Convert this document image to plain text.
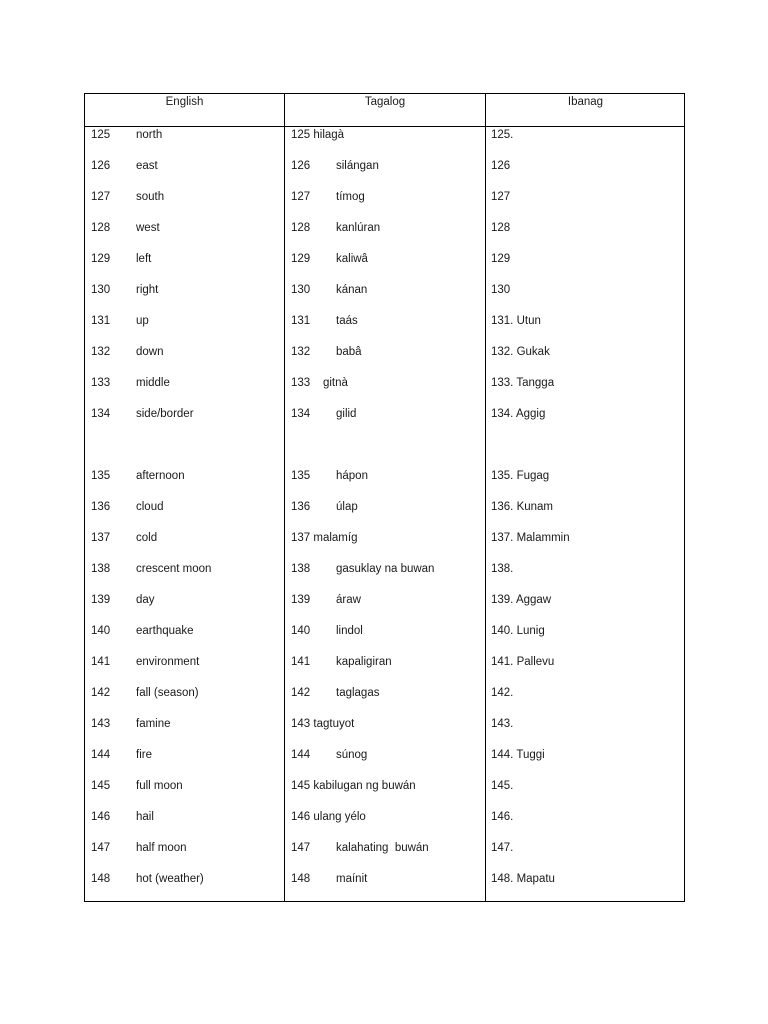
English	Tagalog	Ibanag
125 north	125 hilagà	125.
126 east	126 silángan	126
127 south	127 tímog	127
128 west	128 kanlúran	128
129 left	129 kaliwâ	129
130 right	130 kánan	130
131 up	131 taás	131. Utun
132 down	132 babâ	132. Gukak
133 middle	133    gitnà	133. Tangga
134 side/border	134 gilid	134. Aggig
135 afternoon	135 hápon	135. Fugag
136 cloud	136 úlap	136. Kunam
137 cold	137 malamíg	137. Malammin
138 crescent moon	138 gasuklay na buwan	138.
139 day	139 áraw	139. Aggaw
140 earthquake	140 lindol	140. Lunig
141 environment	141 kapaligiran	141. Pallevu
142 fall (season)	142 taglagas	142.
143 famine	143 tagtuyot	143.
144 fire	144 súnog	144. Tuggi
145 full moon	145 kabilugan ng buwán	145.
146 hail	146 ulang yélo	146.
147 half moon	147 kalahating  buwán	147.
148 hot (weather)	148 maínit	148. Mapatu
